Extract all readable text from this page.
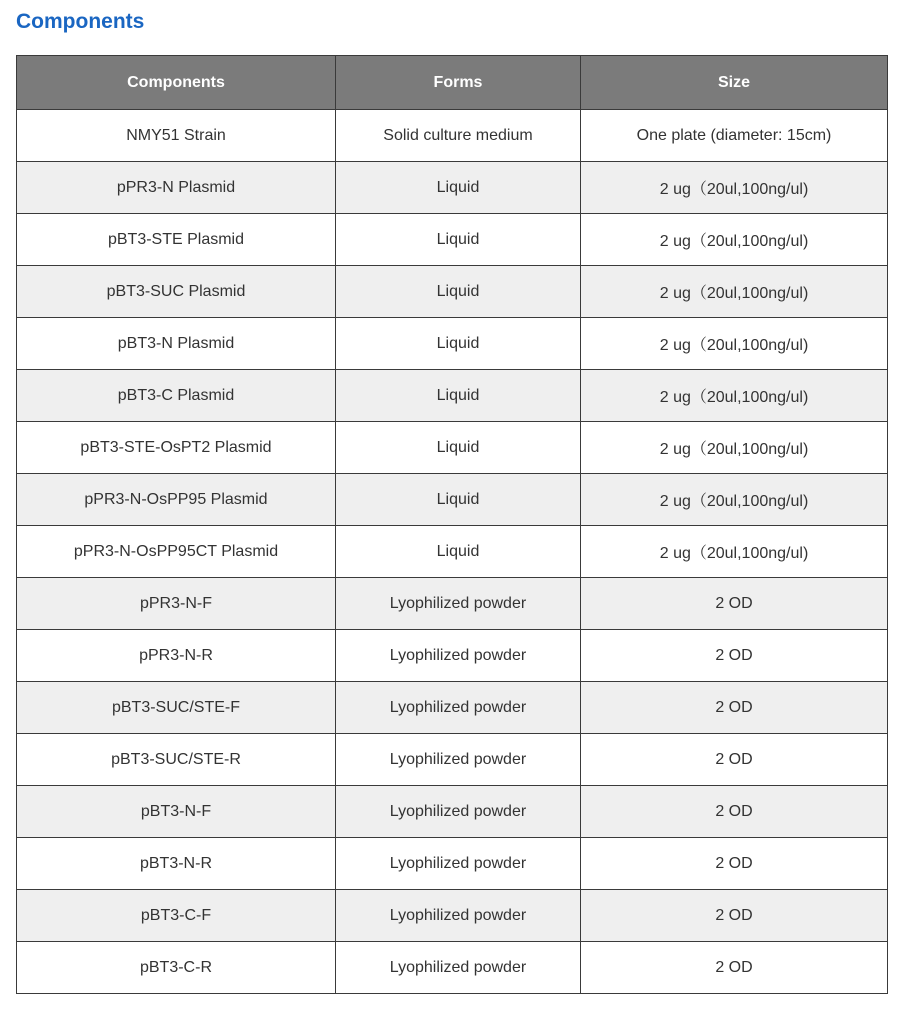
Components
Components	Forms	Size
NMY51 Strain	Solid culture medium	One plate (diameter: 15cm)
pPR3-N Plasmid	Liquid	2 ug（20ul,100ng/ul)
pBT3-STE Plasmid	Liquid	2 ug（20ul,100ng/ul)
pBT3-SUC Plasmid	Liquid	2 ug（20ul,100ng/ul)
pBT3-N Plasmid	Liquid	2 ug（20ul,100ng/ul)
pBT3-C Plasmid	Liquid	2 ug（20ul,100ng/ul)
pBT3-STE-OsPT2 Plasmid	Liquid	2 ug（20ul,100ng/ul)
pPR3-N-OsPP95 Plasmid	Liquid	2 ug（20ul,100ng/ul)
pPR3-N-OsPP95CT Plasmid	Liquid	2 ug（20ul,100ng/ul)
pPR3-N-F	Lyophilized powder	2 OD
pPR3-N-R	Lyophilized powder	2 OD
pBT3-SUC/STE-F	Lyophilized powder	2 OD
pBT3-SUC/STE-R	Lyophilized powder	2 OD
pBT3-N-F	Lyophilized powder	2 OD
pBT3-N-R	Lyophilized powder	2 OD
pBT3-C-F	Lyophilized powder	2 OD
pBT3-C-R	Lyophilized powder	2 OD
